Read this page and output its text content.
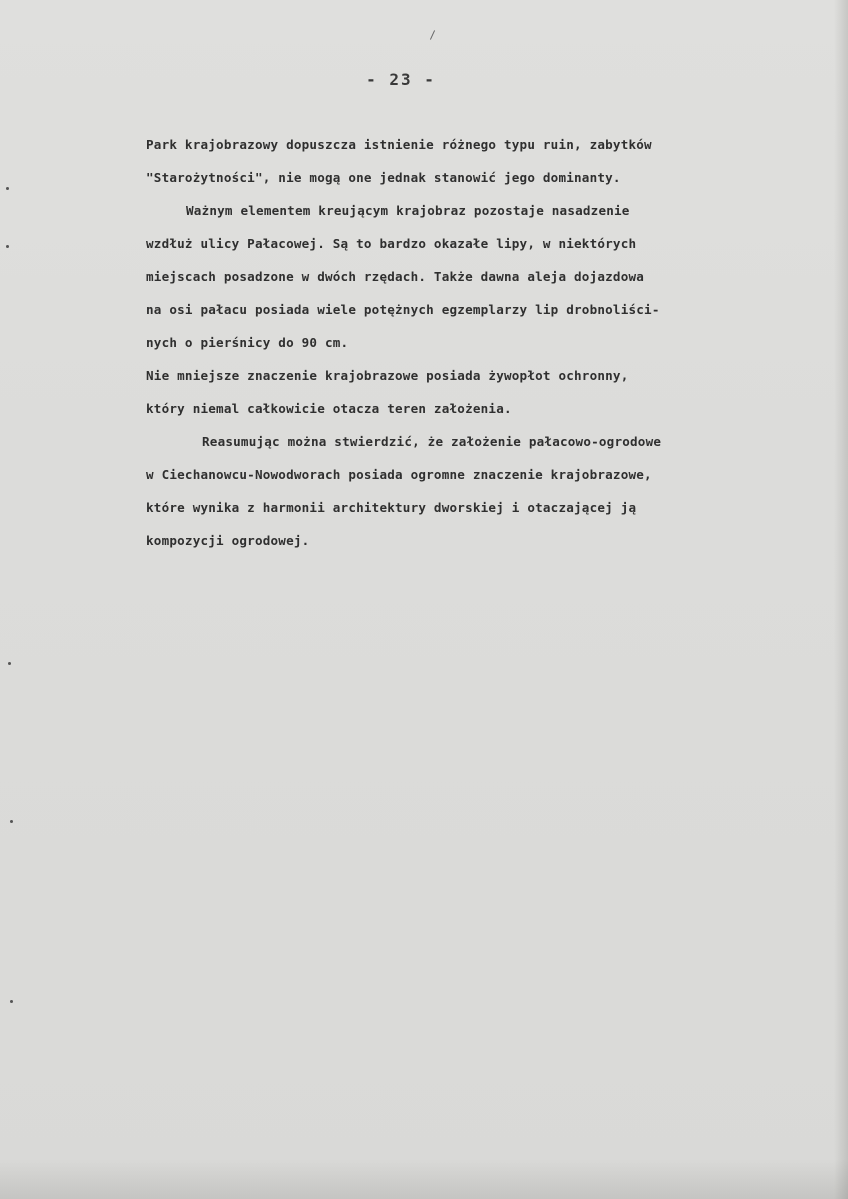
- 23 -
Park krajobrazowy dopuszcza istnienie różnego typu ruin, zabytków
"Starożytności", nie mogą one jednak stanowić jego dominanty.
Ważnym elementem kreującym krajobraz pozostaje nasadzenie
wzdłuż ulicy Pałacowej. Są to bardzo okazałe lipy, w niektórych
miejscach posadzone w dwóch rzędach. Także dawna aleja dojazdowa
na osi pałacu posiada wiele potężnych egzemplarzy lip drobnoliści-
nych o pierśnicy do 90 cm.
Nie mniejsze znaczenie krajobrazowe posiada żywopłot ochronny,
który niemal całkowicie otacza teren założenia.
Reasumując można stwierdzić, że założenie pałacowo-ogrodowe
w Ciechanowcu-Nowodworach posiada ogromne znaczenie krajobrazowe,
które wynika z harmonii architektury dworskiej i otaczającej ją
kompozycji ogrodowej.
